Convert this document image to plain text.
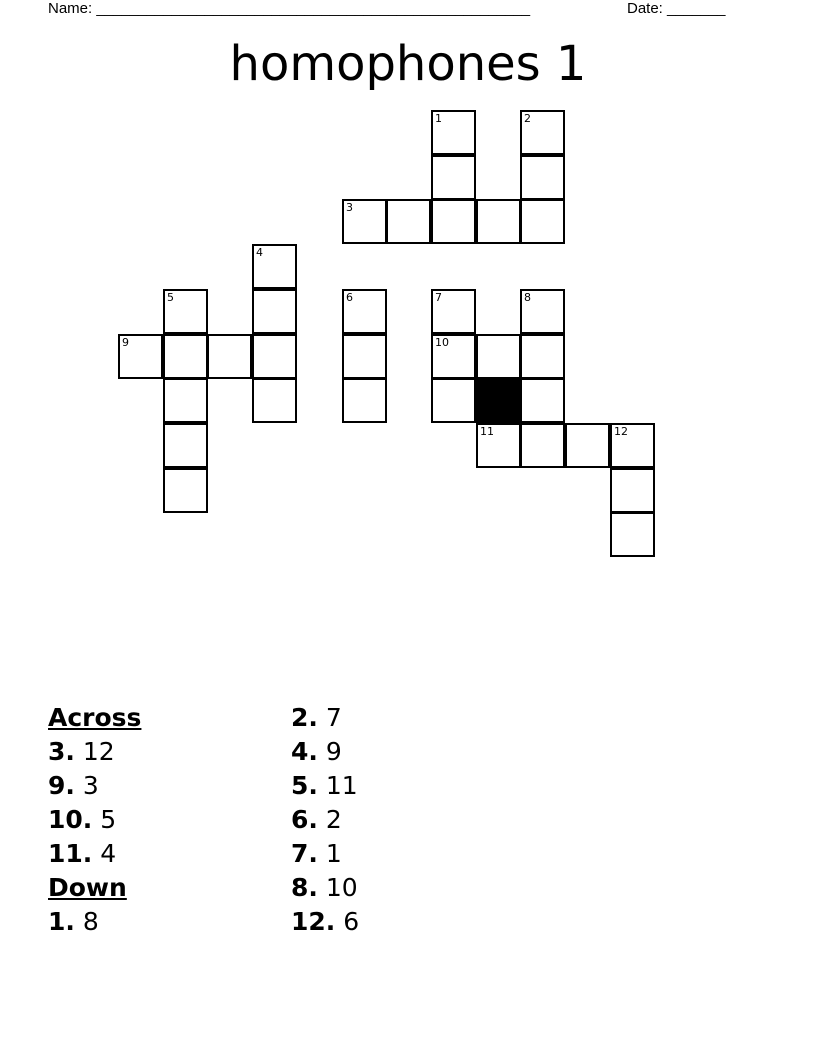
Name: ____________________________________________________	Date: _______
homophones 1
1	2
3
4
5	6	7	8
9	10
11	12
Across
3. 12
9. 3
10. 5
11. 4
Down
1. 8
2. 7
4. 9
5. 11
6. 2
7. 1
8. 10
12. 6
